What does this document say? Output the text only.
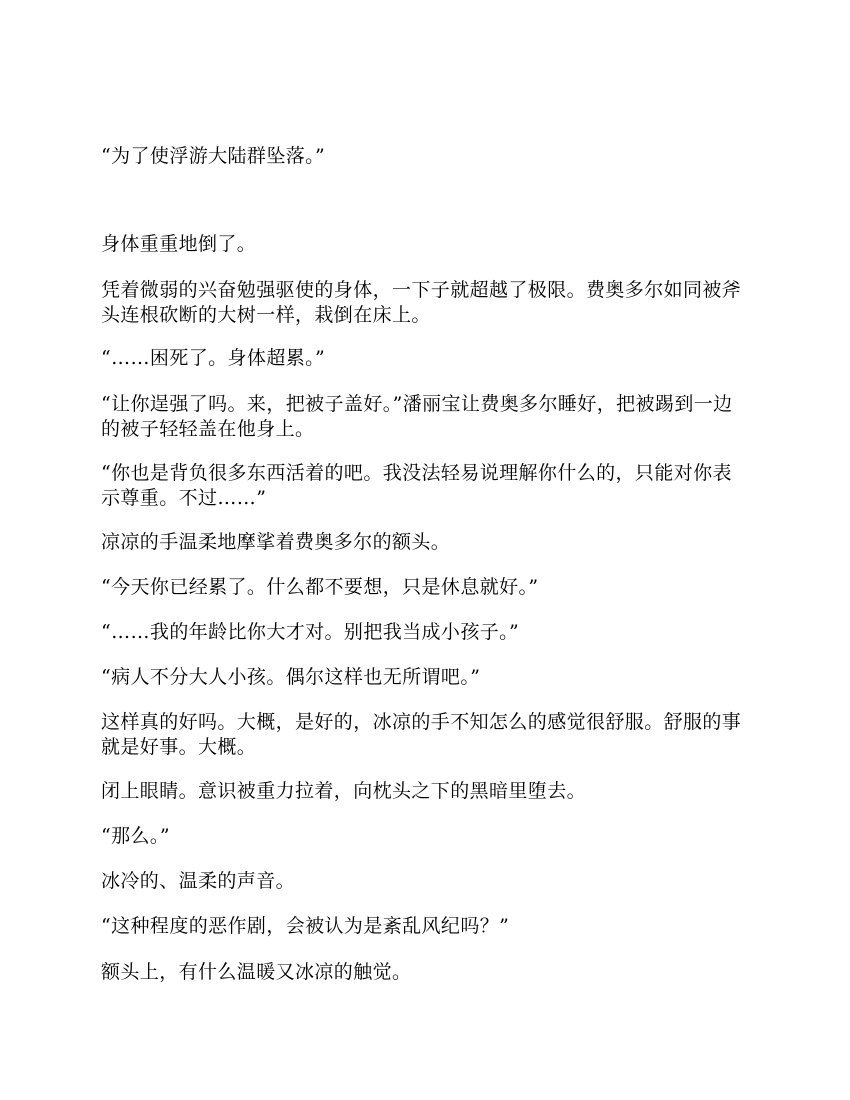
“为了使浮游大陆群坠落。”

身体重重地倒了。

凭着微弱的兴奋勉强驱使的身体，一下子就超越了极限。费奥多尔如同被斧头连根砍断的大树一样，栽倒在床上。

“……困死了。身体超累。”

“让你逞强了吗。来，把被子盖好。”潘丽宝让费奥多尔睡好，把被踢到一边的被子轻轻盖在他身上。

“你也是背负很多东西活着的吧。我没法轻易说理解你什么的，只能对你表示尊重。不过……”

凉凉的手温柔地摩挲着费奥多尔的额头。

“今天你已经累了。什么都不要想，只是休息就好。”

“……我的年龄比你大才对。别把我当成小孩子。”

“病人不分大人小孩。偶尔这样也无所谓吧。”

这样真的好吗。大概，是好的，冰凉的手不知怎么的感觉很舒服。舒服的事就是好事。大概。

闭上眼睛。意识被重力拉着，向枕头之下的黑暗里堕去。

“那么。”

冰冷的、温柔的声音。

“这种程度的恶作剧，会被认为是紊乱风纪吗？”

额头上，有什么温暖又冰凉的触觉。
